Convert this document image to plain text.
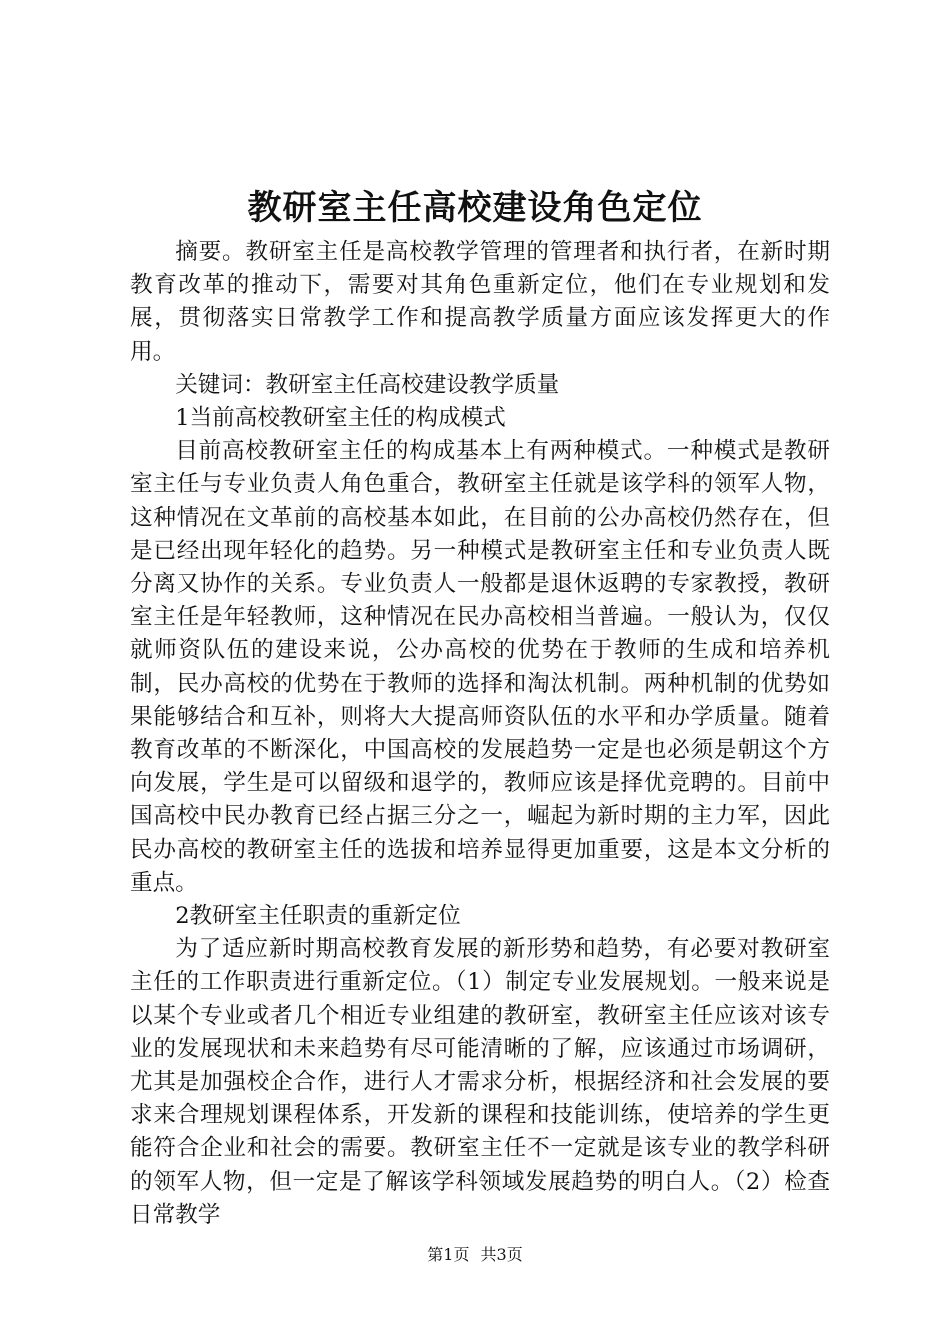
教研室主任高校建设角色定位

摘要。教研室主任是高校教学管理的管理者和执行者，在新时期教育改革的推动下，需要对其角色重新定位，他们在专业规划和发展，贯彻落实日常教学工作和提高教学质量方面应该发挥更大的作用。

关键词：教研室主任高校建设教学质量

1当前高校教研室主任的构成模式

目前高校教研室主任的构成基本上有两种模式。一种模式是教研室主任与专业负责人角色重合，教研室主任就是该学科的领军人物，这种情况在文革前的高校基本如此，在目前的公办高校仍然存在，但是已经出现年轻化的趋势。另一种模式是教研室主任和专业负责人既分离又协作的关系。专业负责人一般都是退休返聘的专家教授，教研室主任是年轻教师，这种情况在民办高校相当普遍。一般认为，仅仅就师资队伍的建设来说，公办高校的优势在于教师的生成和培养机制，民办高校的优势在于教师的选择和淘汰机制。两种机制的优势如果能够结合和互补，则将大大提高师资队伍的水平和办学质量。随着教育改革的不断深化，中国高校的发展趋势一定是也必须是朝这个方向发展，学生是可以留级和退学的，教师应该是择优竞聘的。目前中国高校中民办教育已经占据三分之一，崛起为新时期的主力军，因此民办高校的教研室主任的选拔和培养显得更加重要，这是本文分析的重点。

2教研室主任职责的重新定位

为了适应新时期高校教育发展的新形势和趋势，有必要对教研室主任的工作职责进行重新定位。（1）制定专业发展规划。一般来说是以某个专业或者几个相近专业组建的教研室，教研室主任应该对该专业的发展现状和未来趋势有尽可能清晰的了解，应该通过市场调研，尤其是加强校企合作，进行人才需求分析，根据经济和社会发展的要求来合理规划课程体系，开发新的课程和技能训练，使培养的学生更能符合企业和社会的需要。教研室主任不一定就是该专业的教学科研的领军人物，但一定是了解该学科领域发展趋势的明白人。（2）检查日常教学

第1页 共3页
